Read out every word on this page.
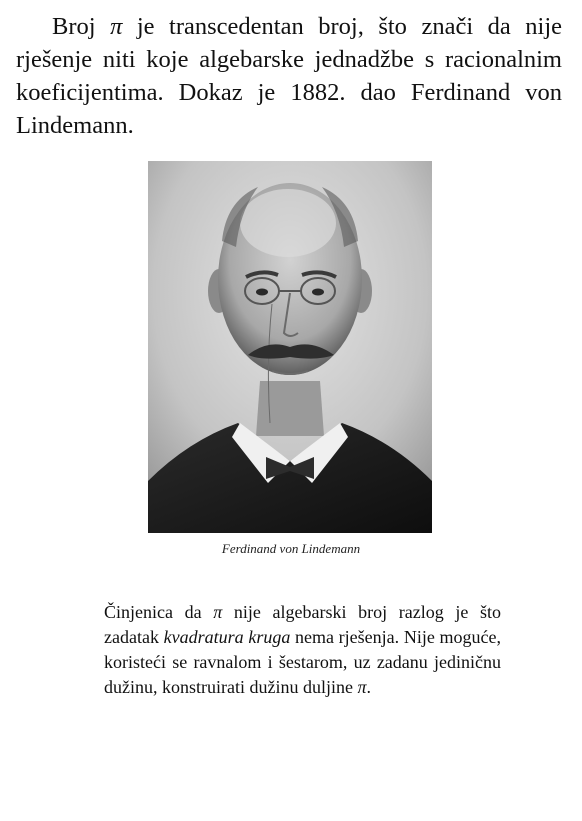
Broj π je transcedentan broj, što znači da nije rješenje niti koje algebarske jednadžbe s racionalnim koeficijentima. Dokaz je 1882. dao Ferdinand von Lindemann.

Ferdinand von Lindemann

Činjenica da π nije algebarski broj razlog je što zadatak kvadratura kruga nema rješenja. Nije moguće, koristeći se ravnalom i šestarom, uz zadanu jediničnu dužinu, konstruirati dužinu duljine π.
